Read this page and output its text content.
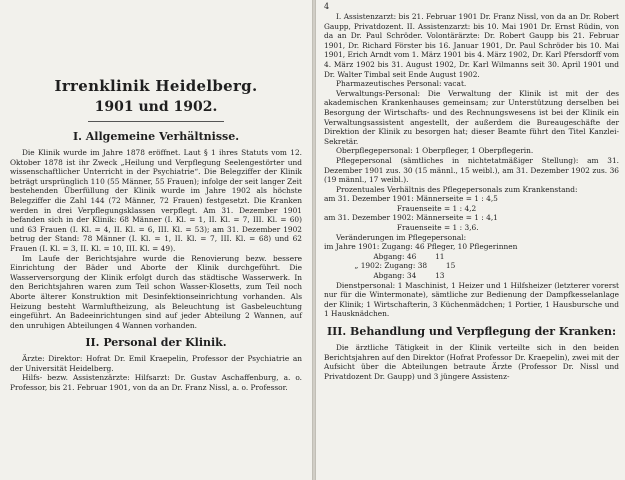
Irrenklinik Heidelberg.
1901 und 1902.
I. Allgemeine Verhältnisse.

Die Klinik wurde im Jahre 1878 eröffnet. Laut § 1 ihres Statuts vom 12. Oktober 1878 ist ihr Zweck „Heilung und Verpflegung Seelengestörter und wissenschaftlicher Unterricht in der Psychiatrie“. Die Belegziffer der Klinik beträgt ursprünglich 110 (55 Männer, 55 Frauen); infolge der seit langer Zeit bestehenden Überfüllung der Klinik wurde im Jahre 1902 als höchste Belegziffer die Zahl 144 (72 Männer, 72 Frauen) festgesetzt. Die Kranken werden in drei Verpflegungsklassen verpflegt. Am 31. Dezember 1901 befanden sich in der Klinik: 68 Männer (I. Kl. = 1, II. Kl. = 7, III. Kl. = 60) und 63 Frauen (I. Kl. = 4, II. Kl. = 6, III. Kl. = 53); am 31. Dezember 1902 betrug der Stand: 78 Männer (I. Kl. = 1, II. Kl. = 7, III. Kl. = 68) und 62 Frauen (I. Kl. = 3, II. Kl. = 10, III. Kl. = 49).

Im Laufe der Berichtsjahre wurde die Renovierung bezw. bessere Einrichtung der Bäder und Aborte der Klinik durchgeführt. Die Wasserversorgung der Klinik erfolgt durch das städtische Wasserwerk. In den Berichtsjahren waren zum Teil schon Wasser-Klosetts, zum Teil noch Aborte älterer Konstruktion mit Desinfektionseinrichtung vorhanden. Als Heizung besteht Warmluftheizung, als Beleuchtung ist Gasbeleuchtung eingeführt. An Badeeinrichtungen sind auf jeder Abteilung 2 Wannen, auf den unruhigen Abteilungen 4 Wannen vorhanden.

II. Personal der Klinik.

Ärzte: Direktor: Hofrat Dr. Emil Kraepelin, Professor der Psychiatrie an der Universität Heidelberg.

Hilfs- bezw. Assistenzärzte: Hilfsarzt: Dr. Gustav Aschaffenburg, a. o. Professor, bis 21. Februar 1901, von da an Dr. Franz Nissl, a. o. Professor.

4

I. Assistenzarzt: bis 21. Februar 1901 Dr. Franz Nissl, von da an Dr. Robert Gaupp, Privatdozent. II. Assistenzarzt: bis 10. Mai 1901 Dr. Ernst Rüdin, von da an Dr. Paul Schröder. Volontärärzte: Dr. Robert Gaupp bis 21. Februar 1901, Dr. Richard Förster bis 16. Januar 1901, Dr. Paul Schröder bis 10. Mai 1901, Erich Arndt vom 1. März 1901 bis 4. März 1902, Dr. Karl Pfersdorff vom 4. März 1902 bis 31. August 1902, Dr. Karl Wilmanns seit 30. April 1901 und Dr. Walter Timbal seit Ende August 1902.

Pharmazeutisches Personal: vacat.

Verwaltungs-Personal: Die Verwaltung der Klinik ist mit der des akademischen Krankenhauses gemeinsam; zur Unterstützung derselben bei Besorgung der Wirtschafts- und des Rechnungswesens ist bei der Klinik ein Verwaltungsassistent angestellt, der außerdem die Bureaugeschäfte der Direktion der Klinik zu besorgen hat; dieser Beamte führt den Titel Kanzlei-Sekretär.

Oberpflegepersonal: 1 Oberpfleger, 1 Oberpflegerin.

Pflegepersonal (sämtliches in nichtetatmäßiger Stellung): am 31. Dezember 1901 zus. 30 (15 männl., 15 weibl.), am 31. Dezember 1902 zus. 36 (19 männl., 17 weibl.).

Prozentuales Verhältnis des Pflegepersonals zum Krankenstand:

am 31. Dezember 1901: Männerseite = 1 : 4,5
Frauenseite = 1 : 4,2
am 31. Dezember 1902: Männerseite = 1 : 4,1
Frauenseite = 1 : 3,6.

Veränderungen im Pflegepersonal:

im Jahre 1901: Zugang: 46 Pfleger, 10 Pflegerinnen
Abgang: 46        11
„ 1902: Zugang: 38        15
Abgang: 34        13

Dienstpersonal: 1 Maschinist, 1 Heizer und 1 Hilfsheizer (letzterer vorerst nur für die Wintermonate), sämtliche zur Bedienung der Dampfkesselanlage der Klinik; 1 Wirtschafterin, 3 Küchenmädchen; 1 Portier, 1 Hausbursche und 1 Hausknädchen.

III. Behandlung und Verpflegung der Kranken:

Die ärztliche Tätigkeit in der Klinik verteilte sich in den beiden Berichtsjahren auf den Direktor (Hofrat Professor Dr. Kraepelin), zwei mit der Aufsicht über die Abteilungen betraute Ärzte (Professor Dr. Nissl und Privatdozent Dr. Gaupp) und 3 jüngere Assistenz-
